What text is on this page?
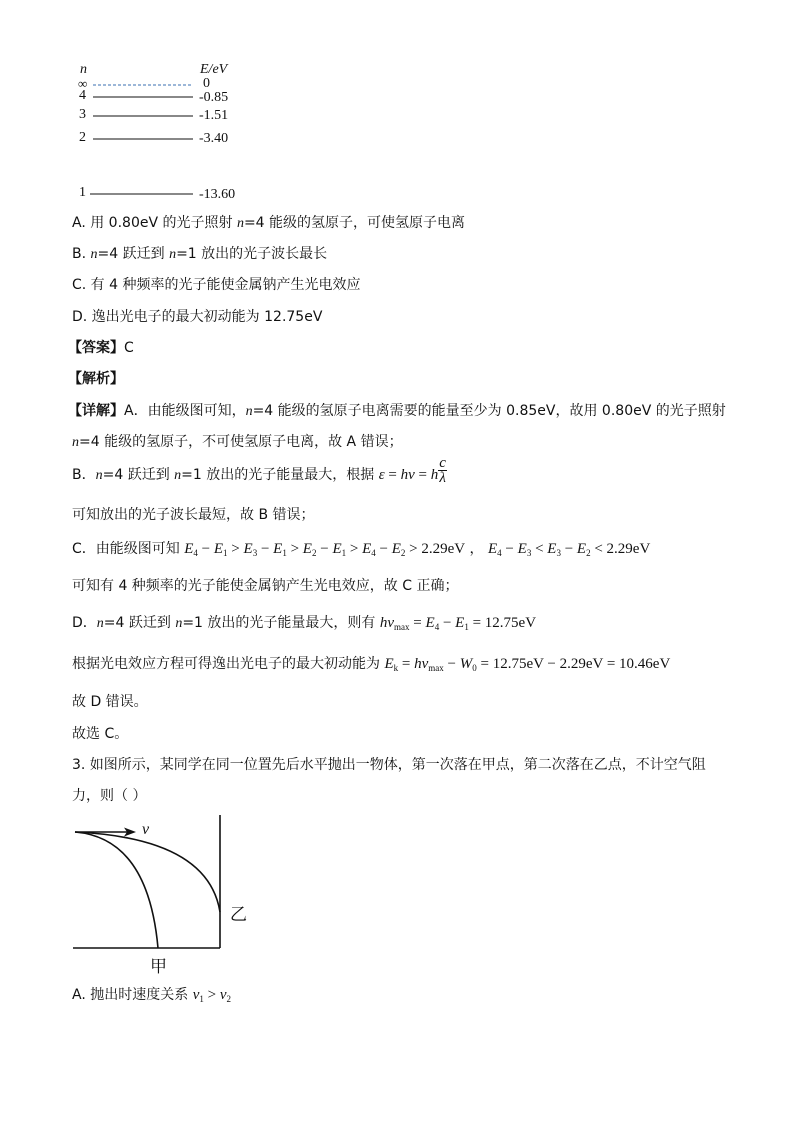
n	E/eV
∞	0
4	-0.85
3	-1.51
2	-3.40
1	-13.60
A. 用 0.80eV 的光子照射 n=4 能级的氢原子，可使氢原子电离
B. n=4 跃迁到 n=1 放出的光子波长最长
C. 有 4 种频率的光子能使金属钠产生光电效应
D. 逸出光电子的最大初动能为 12.75eV
【答案】C
【解析】
【详解】A．由能级图可知，n=4 能级的氢原子电离需要的能量至少为 0.85eV，故用 0.80eV 的光子照射
n=4 能级的氢原子，不可使氢原子电离，故 A 错误；
B．n=4 跃迁到 n=1 放出的光子能量最大，根据 ε = hν = h $\frac{c}{\lambda}$
可知放出的光子波长最短，故 B 错误；
C．由能级图可知 $E_4 - E_1 > E_3 - E_1 > E_2 - E_1 > E_4 - E_2 > 2.29eV$ ， $E_4 - E_3 < E_3 - E_2 < 2.29eV$
可知有 4 种频率的光子能使金属钠产生光电效应，故 C 正确；
D．n=4 跃迁到 n=1 放出的光子能量最大，则有 $h\nu_{max} = E_4 - E_1 = 12.75eV$
根据光电效应方程可得逸出光电子的最大初动能为 $E_k = h\nu_{max} - W_0 = 12.75eV - 2.29eV = 10.46eV$
故 D 错误。
故选 C。
3. 如图所示，某同学在同一位置先后水平抛出一物体，第一次落在甲点，第二次落在乙点，不计空气阻
力，则（ ）
v
乙
甲
A. 抛出时速度关系 $v_1 > v_2$
